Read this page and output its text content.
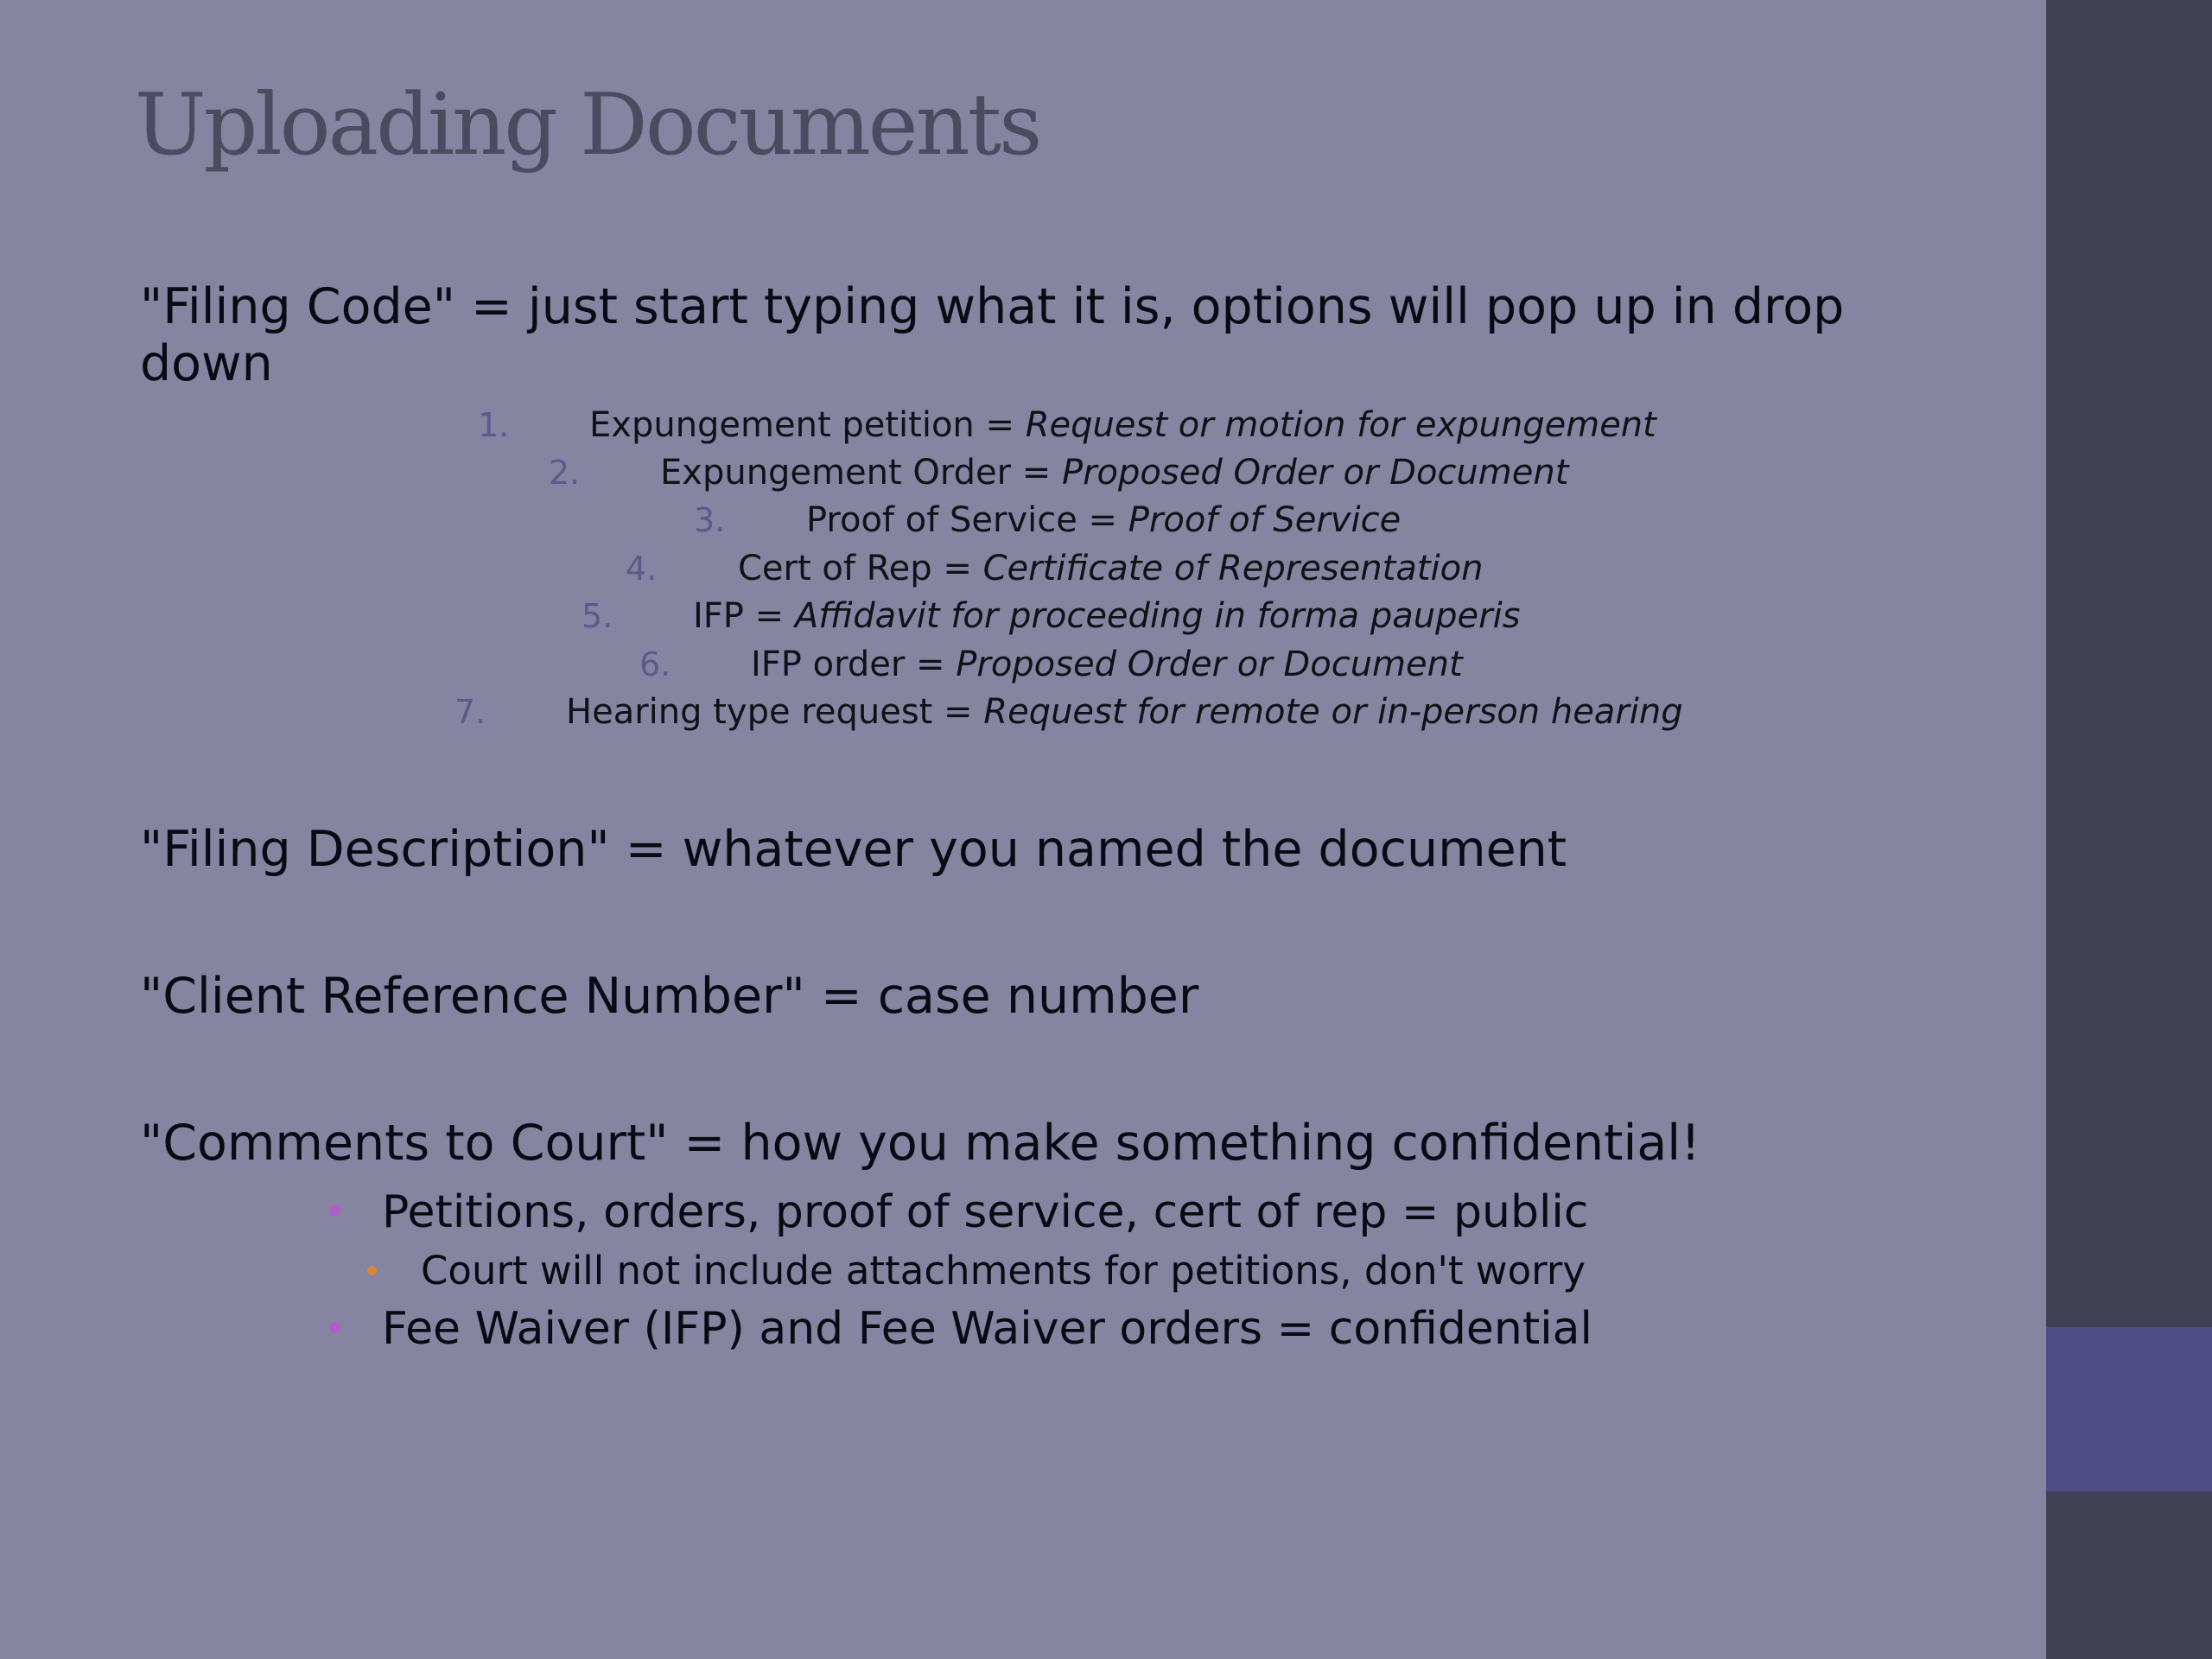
Uploading Documents

"Filing Code" = just start typing what it is, options will pop up in drop down

1. Expungement petition = Request or motion for expungement
2. Expungement Order = Proposed Order or Document
3. Proof of Service = Proof of Service
4. Cert of Rep = Certificate of Representation
5. IFP = Affidavit for proceeding in forma pauperis
6. IFP order = Proposed Order or Document
7. Hearing type request = Request for remote or in-person hearing

"Filing Description" = whatever you named the document

"Client Reference Number" = case number

"Comments to Court" = how you make something confidential!

Petitions, orders, proof of service, cert of rep = public
Court will not include attachments for petitions, don't worry
Fee Waiver (IFP) and Fee Waiver orders = confidential
